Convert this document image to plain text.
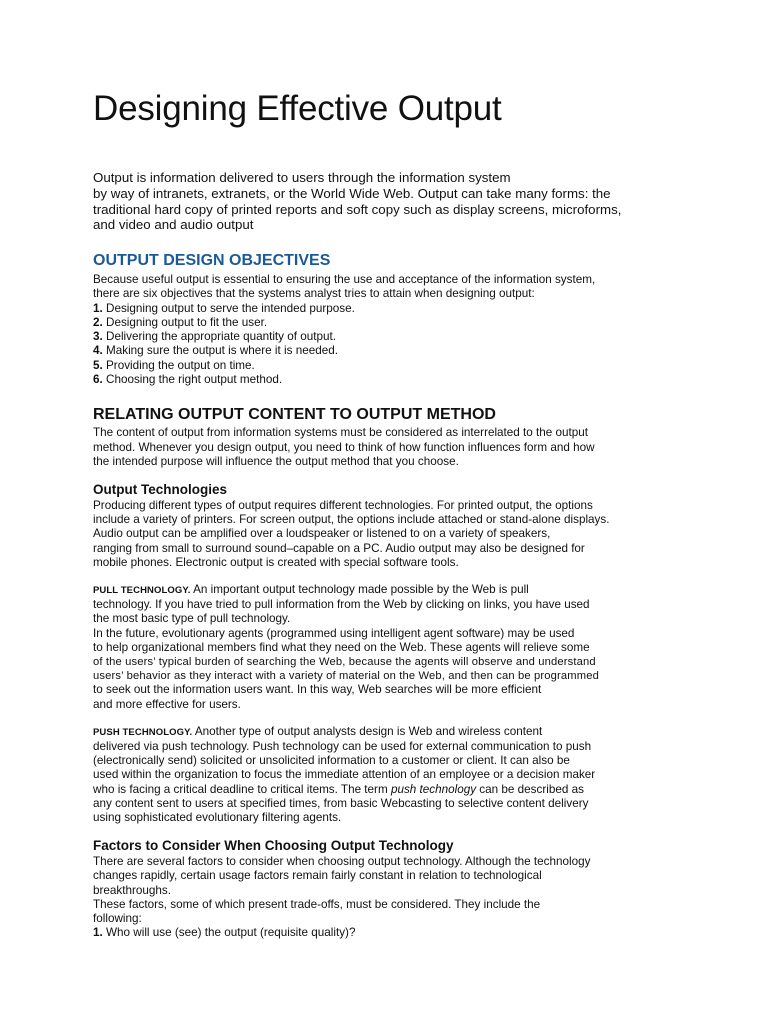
Designing Effective Output
Output is information delivered to users through the information system
by way of intranets, extranets, or the World Wide Web. Output can take many forms: the
traditional hard copy of printed reports and soft copy such as display screens, microforms,
and video and audio output
OUTPUT DESIGN OBJECTIVES
Because useful output is essential to ensuring the use and acceptance of the information system,
there are six objectives that the systems analyst tries to attain when designing output:
1. Designing output to serve the intended purpose.
2. Designing output to fit the user.
3. Delivering the appropriate quantity of output.
4. Making sure the output is where it is needed.
5. Providing the output on time.
6. Choosing the right output method.
RELATING OUTPUT CONTENT TO OUTPUT METHOD
The content of output from information systems must be considered as interrelated to the output
method. Whenever you design output, you need to think of how function influences form and how
the intended purpose will influence the output method that you choose.
Output Technologies
Producing different types of output requires different technologies. For printed output, the options
include a variety of printers. For screen output, the options include attached or stand-alone displays.
Audio output can be amplified over a loudspeaker or listened to on a variety of speakers,
ranging from small to surround sound–capable on a PC. Audio output may also be designed for
mobile phones. Electronic output is created with special software tools.
PULL TECHNOLOGY. An important output technology made possible by the Web is pull
technology. If you have tried to pull information from the Web by clicking on links, you have used
the most basic type of pull technology.
In the future, evolutionary agents (programmed using intelligent agent software) may be used
to help organizational members find what they need on the Web. These agents will relieve some
of the users’ typical burden of searching the Web, because the agents will observe and understand
users’ behavior as they interact with a variety of material on the Web, and then can be programmed
to seek out the information users want. In this way, Web searches will be more efficient
and more effective for users.
PUSH TECHNOLOGY. Another type of output analysts design is Web and wireless content
delivered via push technology. Push technology can be used for external communication to push
(electronically send) solicited or unsolicited information to a customer or client. It can also be
used within the organization to focus the immediate attention of an employee or a decision maker
who is facing a critical deadline to critical items. The term push technology can be described as
any content sent to users at specified times, from basic Webcasting to selective content delivery
using sophisticated evolutionary filtering agents.
Factors to Consider When Choosing Output Technology
There are several factors to consider when choosing output technology. Although the technology
changes rapidly, certain usage factors remain fairly constant in relation to technological
breakthroughs.
These factors, some of which present trade-offs, must be considered. They include the
following:
1. Who will use (see) the output (requisite quality)?
